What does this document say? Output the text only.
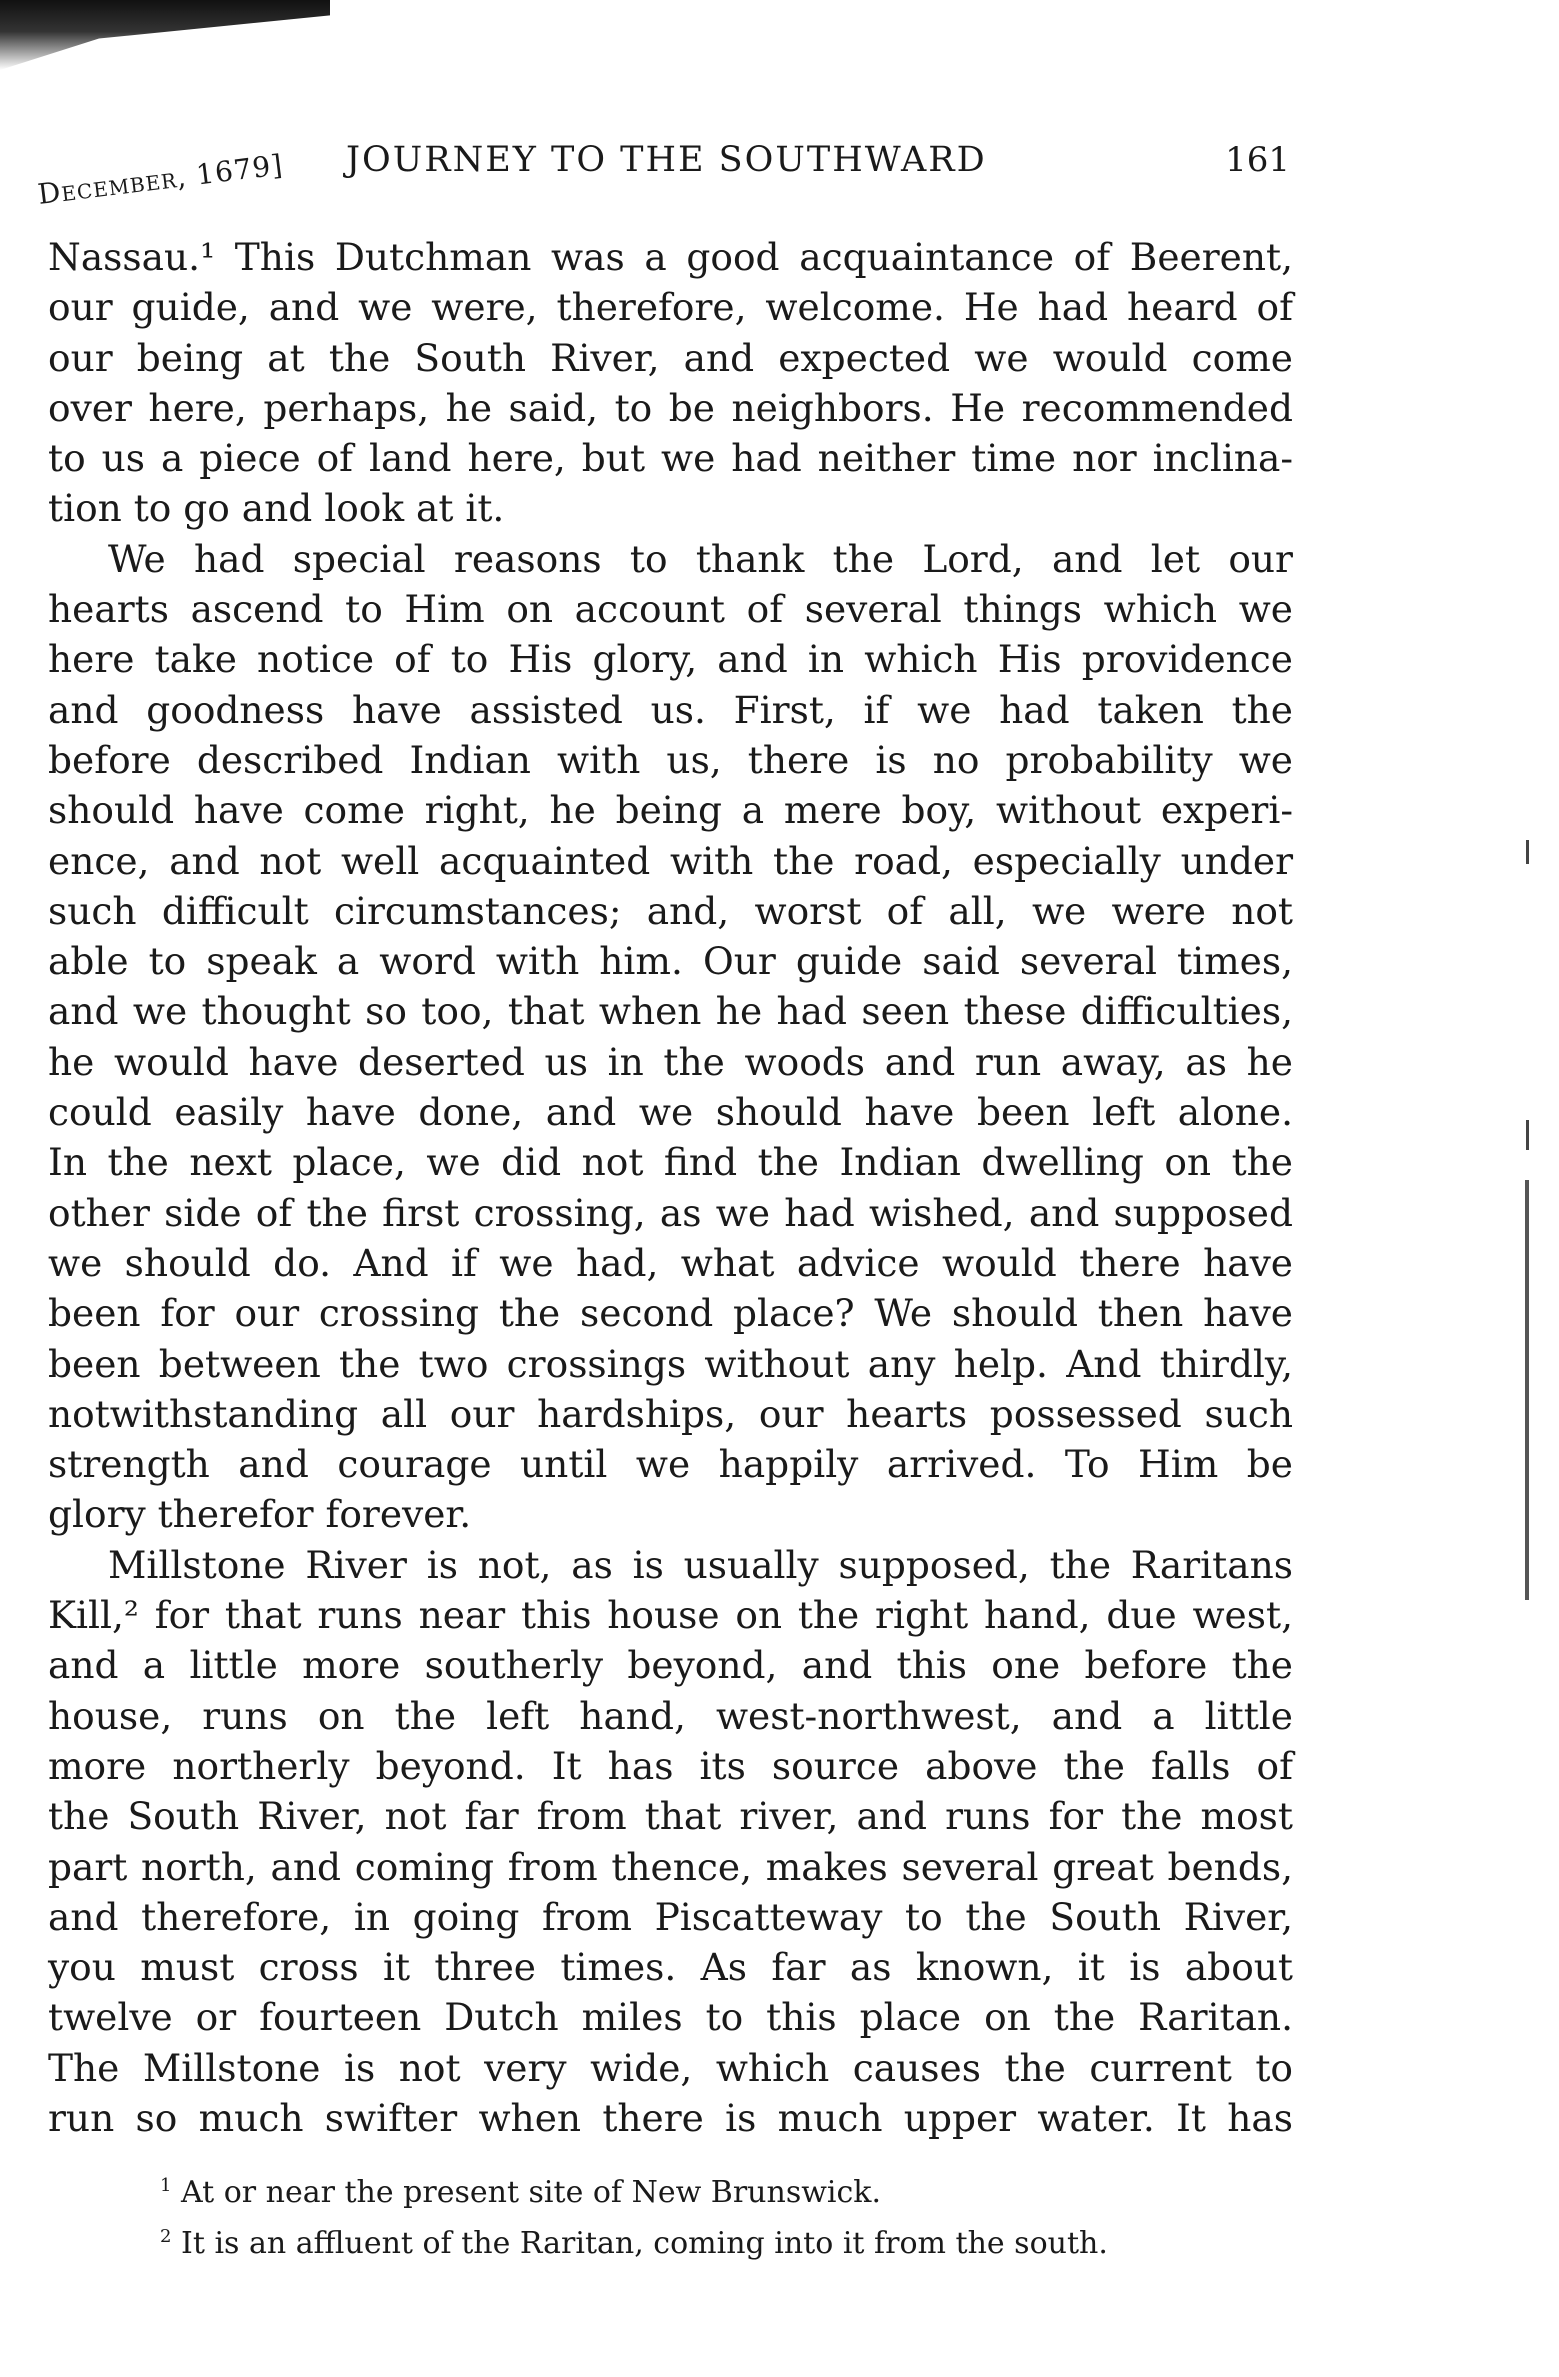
December, 1679] JOURNEY TO THE SOUTHWARD	161
Nassau.¹ This Dutchman was a good acquaintance of Beerent,
our guide, and we were, therefore, welcome. He had heard of
our being at the South River, and expected we would come
over here, perhaps, he said, to be neighbors. He recommended
to us a piece of land here, but we had neither time nor inclina-
tion to go and look at it.
We had special reasons to thank the Lord, and let our
hearts ascend to Him on account of several things which we
here take notice of to His glory, and in which His providence
and goodness have assisted us. First, if we had taken the
before described Indian with us, there is no probability we
should have come right, he being a mere boy, without experi-
ence, and not well acquainted with the road, especially under
such difficult circumstances; and, worst of all, we were not
able to speak a word with him. Our guide said several times,
and we thought so too, that when he had seen these difficulties,
he would have deserted us in the woods and run away, as he
could easily have done, and we should have been left alone.
In the next place, we did not find the Indian dwelling on the
other side of the first crossing, as we had wished, and supposed
we should do. And if we had, what advice would there have
been for our crossing the second place? We should then have
been between the two crossings without any help. And thirdly,
notwithstanding all our hardships, our hearts possessed such
strength and courage until we happily arrived. To Him be
glory therefor forever.
Millstone River is not, as is usually supposed, the Raritans
Kill,² for that runs near this house on the right hand, due west,
and a little more southerly beyond, and this one before the
house, runs on the left hand, west-northwest, and a little
more northerly beyond. It has its source above the falls of
the South River, not far from that river, and runs for the most
part north, and coming from thence, makes several great bends,
and therefore, in going from Piscatteway to the South River,
you must cross it three times. As far as known, it is about
twelve or fourteen Dutch miles to this place on the Raritan.
The Millstone is not very wide, which causes the current to
run so much swifter when there is much upper water. It has
$^1$ At or near the present site of New Brunswick.
$^2$ It is an affluent of the Raritan, coming into it from the south.
